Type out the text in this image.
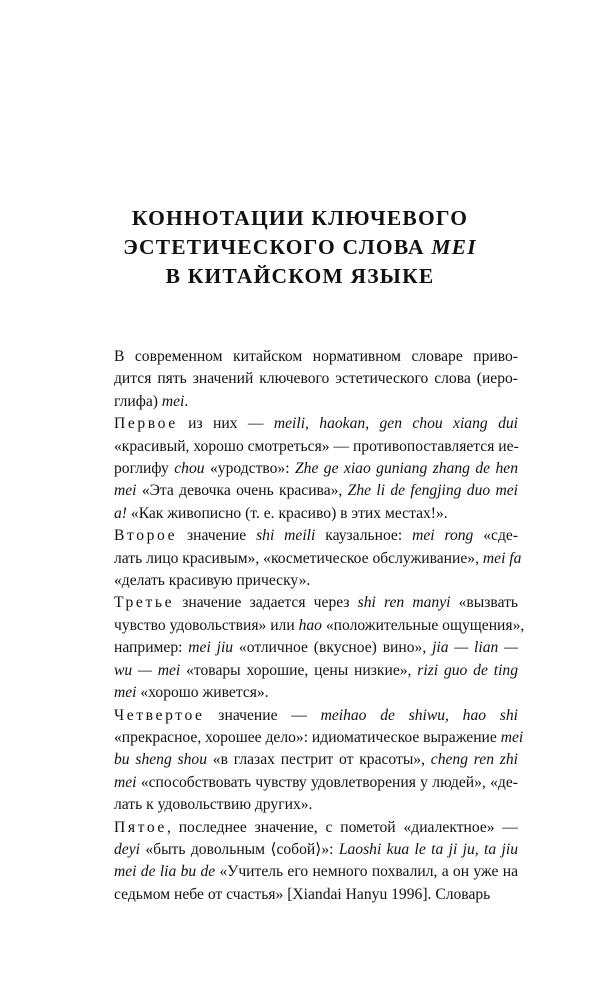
КОННОТАЦИИ КЛЮЧЕВОГО
ЭСТЕТИЧЕСКОГО СЛОВА MEI
В КИТАЙСКОМ ЯЗЫКЕ

В современном китайском нормативном словаре приво-
дится пять значений ключевого эстетического слова (иеро-
глифа) mei.

Первое из них — meili, haokan, gen chou xiang dui
«красивый, хорошо смотреться» — противопоставляется ие-
роглифу chou «уродство»: Zhe ge xiao guniang zhang de hen
mei «Эта девочка очень красива», Zhe li de fengjing duo mei
a! «Как живописно (т. е. красиво) в этих местах!».

Второе значение shi meili каузальное: mei rong «сде-
лать лицо красивым», «косметическое обслуживание», mei fa
«делать красивую прическу».

Третье значение задается через shi ren manyi «вызвать
чувство удовольствия» или hao «положительные ощущения»,
например: mei jiu «отличное (вкусное) вино», jia — lian —
wu — mei «товары хорошие, цены низкие», rizi guo de ting
mei «хорошо живется».

Четвертое значение — meihao de shiwu, hao shi
«прекрасное, хорошее дело»: идиоматическое выражение mei
bu sheng shou «в глазах пестрит от красоты», cheng ren zhi
mei «способствовать чувству удовлетворения у людей», «де-
лать к удовольствию других».

Пятое, последнее значение, с пометой «диалектное» —
deyi «быть довольным ⟨собой⟩»: Laoshi kua le ta ji ju, ta jiu
mei de lia bu de «Учитель его немного похвалил, а он уже на
седьмом небе от счастья» [Xiandai Hanyu 1996]. Словарь
